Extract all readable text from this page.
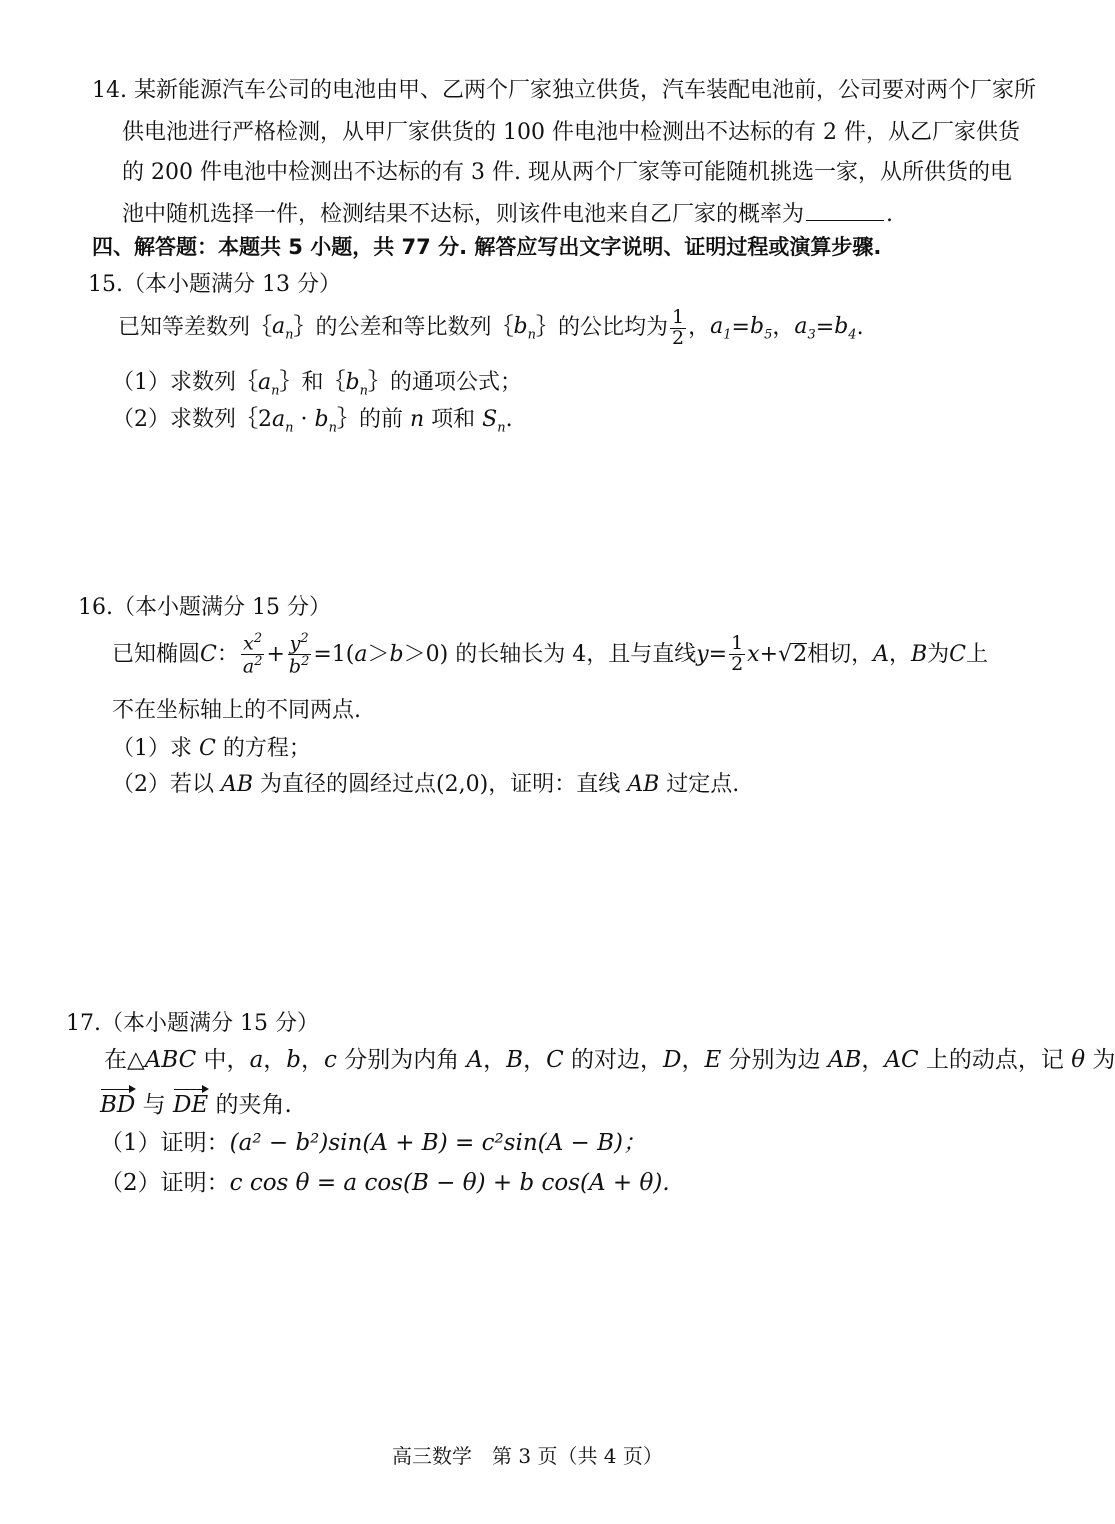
14. 某新能源汽车公司的电池由甲、乙两个厂家独立供货，汽车装配电池前，公司要对两个厂家所
供电池进行严格检测，从甲厂家供货的 100 件电池中检测出不达标的有 2 件，从乙厂家供货
的 200 件电池中检测出不达标的有 3 件. 现从两个厂家等可能随机挑选一家，从所供货的电
池中随机选择一件，检测结果不达标，则该件电池来自乙厂家的概率为	.
四、解答题：本题共 5 小题，共 77 分. 解答应写出文字说明、证明过程或演算步骤.
15.（本小题满分 13 分）
已知等差数列｛ $a_n$ ｝的公差和等比数列｛ $b_n$ ｝的公比均为 $\frac{1}{2}$ ， $a_1 = b_5$ ， $a_3 = b_4$ .
（1）求数列$\{a_n\}$和$\{b_n\}$的通项公式；
（2）求数列$\{2a_n$ · $b_n\}$的前 n 项和 $S_n$.
16.（本小题满分 15 分）
已知椭圆 C ： $\frac{x^2}{a^2} + \frac{y^2}{b^2} =1$( a ＞ b ＞0) 的长轴长为 4，且与直线 $y = \frac{1}{2}$ x + √ 2 相切， A ， B 为 C 上
不在坐标轴上的不同两点.
（1）求 C 的方程；
（2）若以 AB 为直径的圆经过点(2,0)，证明：直线 AB 过定点.
17.（本小题满分 15 分）
在△ABC 中，a，b，c 分别为内角 A，B，C 的对边，D，E 分别为边 AB，AC 上的动点，记 θ 为
BD 与 DE 的夹角.
（1）证明：(a² − b²)sin(A + B) = c²sin(A − B)；
（2）证明：c cos θ = a cos(B − θ) + b cos(A + θ).
高三数学　第 3 页（共 4 页）
